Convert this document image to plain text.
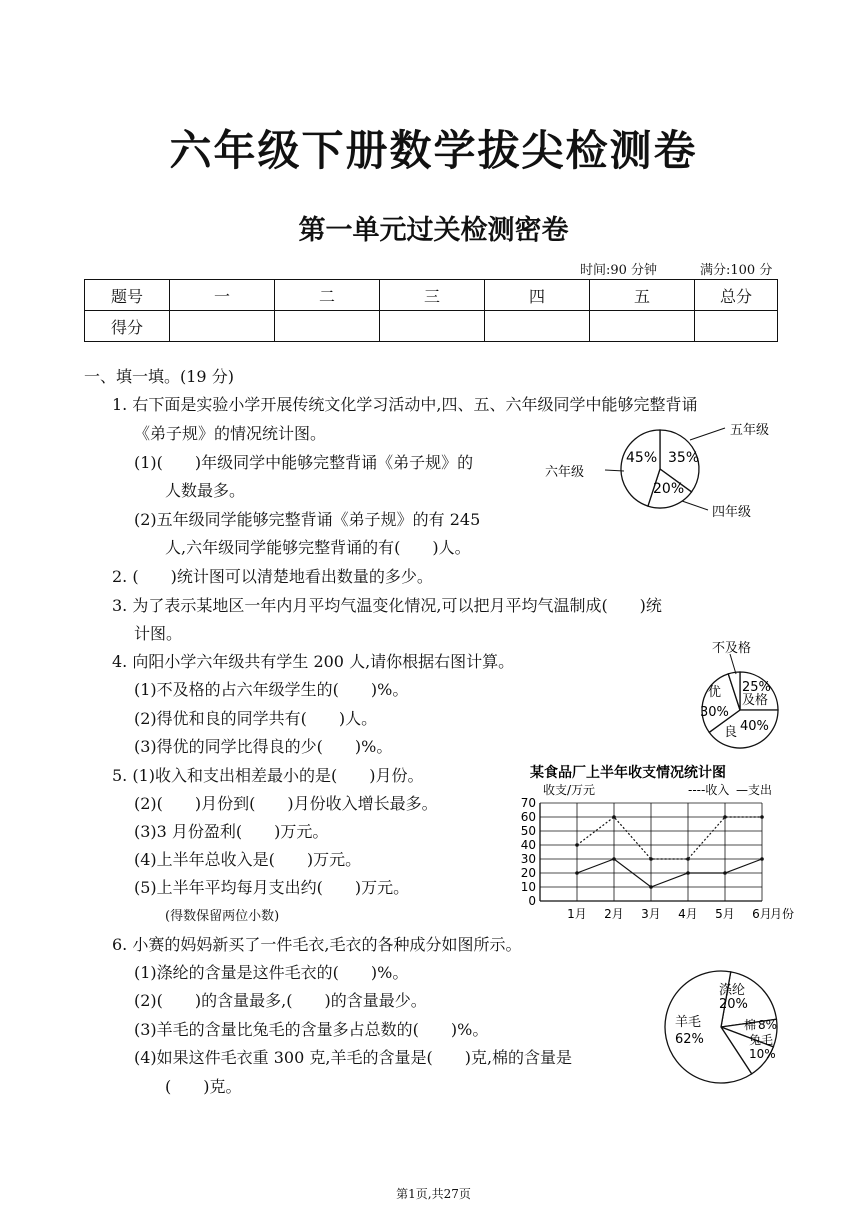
六年级下册数学拔尖检测卷
第一单元过关检测密卷
时间:90 分钟	满分:100 分
题号	一	二	三	四	五	总分
得分						
一、填一填。(19 分)
1. 右下面是实验小学开展传统文化学习活动中,四、五、六年级同学中能够完整背诵
《弟子规》的情况统计图。
(1)(　　)年级同学中能够完整背诵《弟子规》的
人数最多。
(2)五年级同学能够完整背诵《弟子规》的有 245
人,六年级同学能够完整背诵的有(　　)人。
2. (　　)统计图可以清楚地看出数量的多少。
3. 为了表示某地区一年内月平均气温变化情况,可以把月平均气温制成(　　)统
计图。
4. 向阳小学六年级共有学生 200 人,请你根据右图计算。
(1)不及格的占六年级学生的(　　)%。
(2)得优和良的同学共有(　　)人。
(3)得优的同学比得良的少(　　)%。
5. (1)收入和支出相差最小的是(　　)月份。
(2)(　　)月份到(　　)月份收入增长最多。
(3)3 月份盈利(　　)万元。
(4)上半年总收入是(　　)万元。
(5)上半年平均每月支出约(　　)万元。
(得数保留两位小数)
6. 小赛的妈妈新买了一件毛衣,毛衣的各种成分如图所示。
(1)涤纶的含量是这件毛衣的(　　)%。
(2)(　　)的含量最多,(　　)的含量最少。
(3)羊毛的含量比兔毛的含量多占总数的(　　)%。
(4)如果这件毛衣重 300 克,羊毛的含量是(　　)克,棉的含量是
(　　)克。
五年级
四年级
六年级
35%
20%
45%
不及格
25%
及格
40%
良
优
30%
某食品厂上半年收支情况统计图
收支/万元	----收入 —支出
0
10
20
30
40
50
60
70
1月 2月 3月 4月 5月 6月
月份
涤纶
20%
棉 8%
兔毛
10%
羊毛
62%
第1页,共27页
